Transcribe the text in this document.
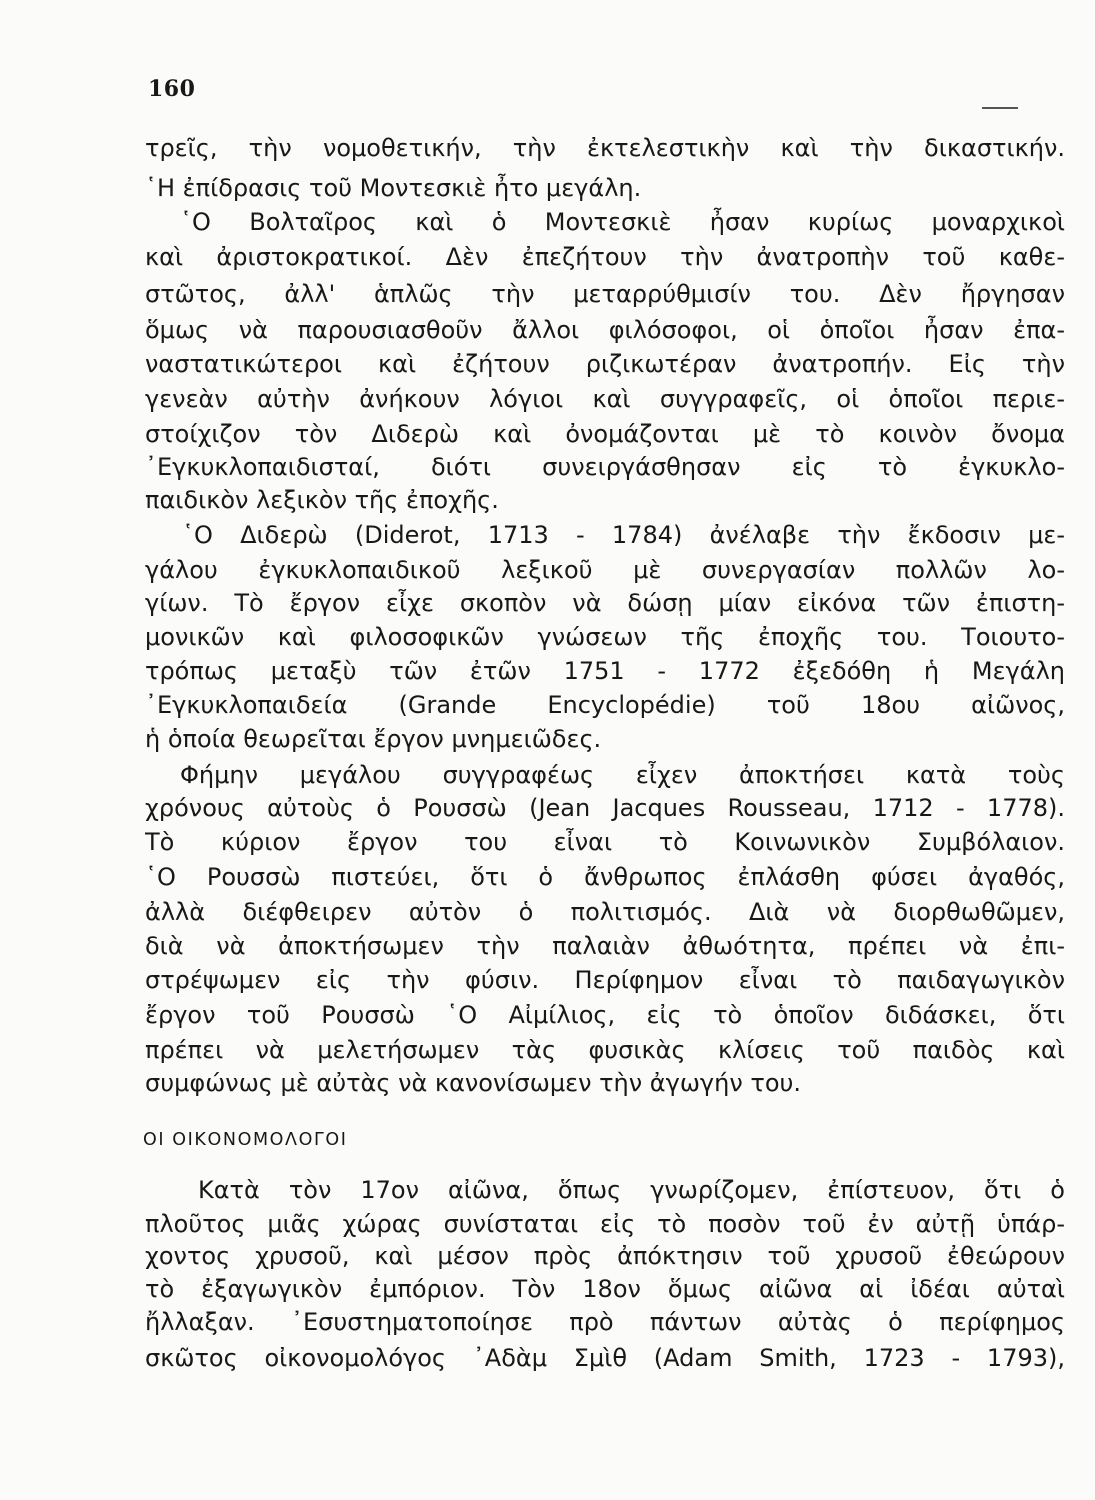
160
τρεῖς, τὴν νομοθετικήν, τὴν ἐκτελεστικὴν καὶ τὴν δικαστικήν.
῾Η ἐπίδρασις τοῦ Μοντεσκιὲ ἦτο μεγάλη.
῾Ο Βολταῖρος καὶ ὁ Μοντεσκιὲ ἦσαν κυρίως μοναρχικοὶ
καὶ ἀριστοκρατικοί. Δὲν ἐπεζήτουν τὴν ἀνατροπὴν τοῦ καθε-
στῶτος, ἀλλ' ἁπλῶς τὴν μεταρρύθμισίν του. Δὲν ἤργησαν
ὅμως νὰ παρουσιασθοῦν ἄλλοι φιλόσοφοι, οἱ ὁποῖοι ἦσαν ἐπα-
ναστατικώτεροι καὶ ἐζήτουν ριζικωτέραν ἀνατροπήν. Εἰς τὴν
γενεὰν αὐτὴν ἀνήκουν λόγιοι καὶ συγγραφεῖς, οἱ ὁποῖοι περιε-
στοίχιζον τὸν Διδερὼ καὶ ὀνομάζονται μὲ τὸ κοινὸν ὄνομα
᾿Εγκυκλοπαιδισταί, διότι συνειργάσθησαν εἰς τὸ ἐγκυκλο-
παιδικὸν λεξικὸν τῆς ἐποχῆς.
῾Ο Διδερὼ (Diderot, 1713 - 1784) ἀνέλαβε τὴν ἔκδοσιν με-
γάλου ἐγκυκλοπαιδικοῦ λεξικοῦ μὲ συνεργασίαν πολλῶν λο-
γίων. Τὸ ἔργον εἶχε σκοπὸν νὰ δώσῃ μίαν εἰκόνα τῶν ἐπιστη-
μονικῶν καὶ φιλοσοφικῶν γνώσεων τῆς ἐποχῆς του. Τοιουτο-
τρόπως μεταξὺ τῶν ἐτῶν 1751 - 1772 ἐξεδόθη ἡ Μεγάλη
᾿Εγκυκλοπαιδεία (Grande Encyclopédie) τοῦ 18ου αἰῶνος,
ἡ ὁποία θεωρεῖται ἔργον μνημειῶδες.
Φήμην μεγάλου συγγραφέως εἶχεν ἀποκτήσει κατὰ τοὺς
χρόνους αὐτοὺς ὁ Ρουσσὼ (Jean Jacques Rousseau, 1712 - 1778).
Τὸ κύριον ἔργον του εἶναι τὸ Κοινωνικὸν Συμβόλαιον.
῾Ο Ρουσσὼ πιστεύει, ὅτι ὁ ἄνθρωπος ἐπλάσθη φύσει ἀγαθός,
ἀλλὰ διέφθειρεν αὐτὸν ὁ πολιτισμός. Διὰ νὰ διορθωθῶμεν,
διὰ νὰ ἀποκτήσωμεν τὴν παλαιὰν ἀθωότητα, πρέπει νὰ ἐπι-
στρέψωμεν εἰς τὴν φύσιν. Περίφημον εἶναι τὸ παιδαγωγικὸν
ἔργον τοῦ Ρουσσὼ ῾Ο Αἰμίλιος, εἰς τὸ ὁποῖον διδάσκει, ὅτι
πρέπει νὰ μελετήσωμεν τὰς φυσικὰς κλίσεις τοῦ παιδὸς καὶ
συμφώνως μὲ αὐτὰς νὰ κανονίσωμεν τὴν ἀγωγήν του.
ΟΙ ΟΙΚΟΝΟΜΟΛΟΓΟΙ
Κατὰ τὸν 17ον αἰῶνα, ὅπως γνωρίζομεν, ἐπίστευον, ὅτι ὁ
πλοῦτος μιᾶς χώρας συνίσταται εἰς τὸ ποσὸν τοῦ ἐν αὐτῇ ὑπάρ-
χοντος χρυσοῦ, καὶ μέσον πρὸς ἀπόκτησιν τοῦ χρυσοῦ ἐθεώρουν
τὸ ἐξαγωγικὸν ἐμπόριον. Τὸν 18ον ὅμως αἰῶνα αἱ ἰδέαι αὐταὶ
ἤλλαξαν. ᾿Εσυστηματοποίησε πρὸ πάντων αὐτὰς ὁ περίφημος
σκῶτος οἰκονομολόγος ᾿Αδὰμ Σμὶθ (Adam Smith, 1723 - 1793),
